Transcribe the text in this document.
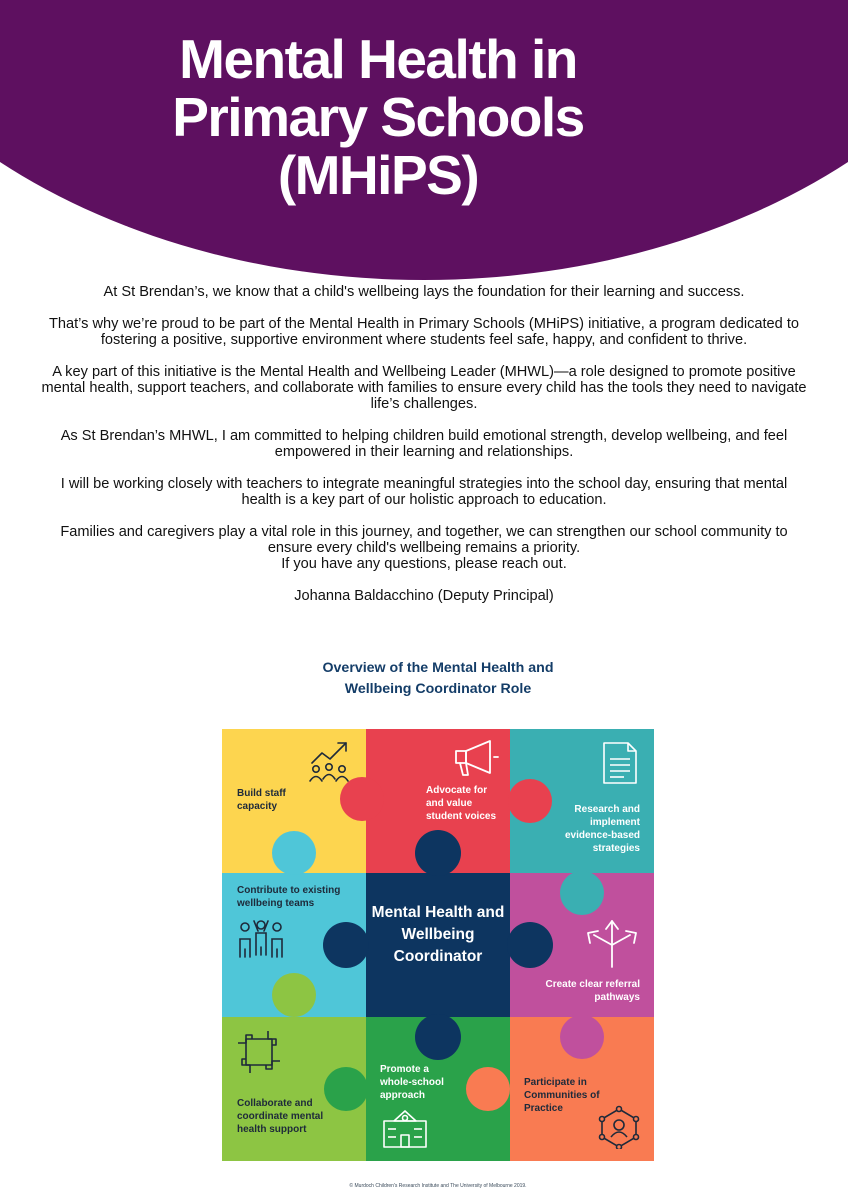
Mental Health in
Primary Schools
(MHiPS)

At St Brendan’s, we know that a child's wellbeing lays the foundation for their learning and success.

That’s why we’re proud to be part of the Mental Health in Primary Schools (MHiPS) initiative, a program dedicated to fostering a positive, supportive environment where students feel safe, happy, and confident to thrive.

A key part of this initiative is the Mental Health and Wellbeing Leader (MHWL)—a role designed to promote positive mental health, support teachers, and collaborate with families to ensure every child has the tools they need to navigate life’s challenges.

As St Brendan’s MHWL, I am committed to helping children build emotional strength, develop wellbeing, and feel empowered in their learning and relationships.

I will be working closely with teachers to integrate meaningful strategies into the school day, ensuring that mental health is a key part of our holistic approach to education.

Families and caregivers play a vital role in this journey, and together, we can strengthen our school community to ensure every child's wellbeing remains a priority.

If you have any questions, please reach out.

Johanna Baldacchino (Deputy Principal)

Overview of the Mental Health and
Wellbeing Coordinator Role
Build staff capacity
Advocate for and value student voices
Research and implement evidence-based strategies
Contribute to existing wellbeing teams
Mental Health and Wellbeing Coordinator
Create clear referral pathways
Collaborate and coordinate mental health support
Promote a whole-school approach
Participate in Communities of Practice
© Murdoch Children's Research Institute and The University of Melbourne 2019.
